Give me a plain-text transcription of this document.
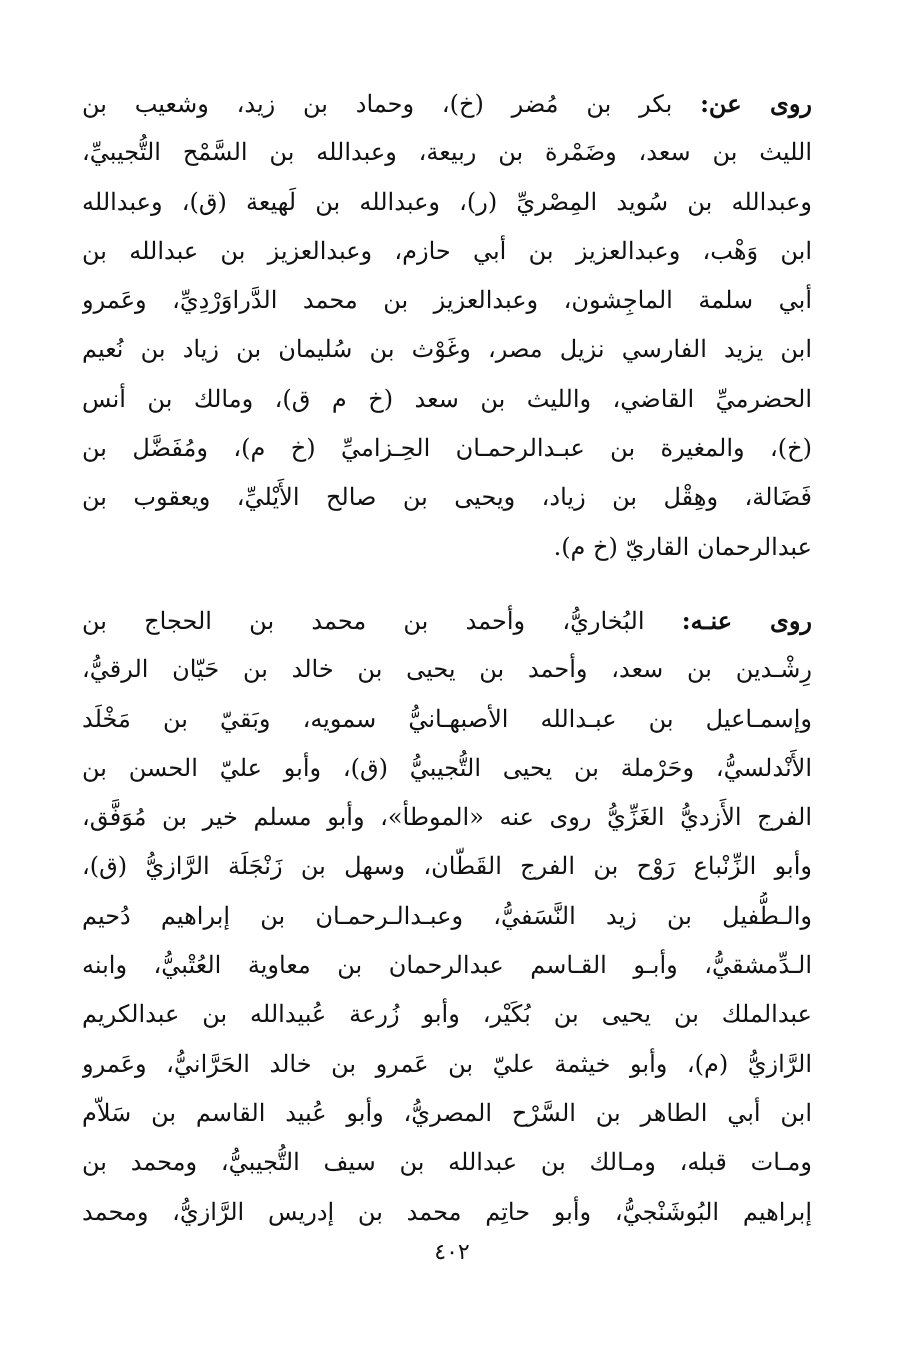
روى عن: بكر بن مُضر (خ)، وحماد بن زيد، وشعيب بن
الليث بن سعد، وضَمْرة بن ربيعة، وعبدالله بن السَّمْح التُّجيبيِّ،
وعبدالله بن سُويد المِصْريِّ (ر)، وعبدالله بن لَهيعة (ق)، وعبدالله
ابن وَهْب، وعبدالعزيز بن أبي حازم، وعبدالعزيز بن عبدالله بن
أبي سلمة الماجِشون، وعبدالعزيز بن محمد الدَّراوَرْدِيِّ، وعَمرو
ابن يزيد الفارسي نزيل مصر، وغَوْث بن سُليمان بن زياد بن نُعيم
الحضرميِّ القاضي، والليث بن سعد (خ م ق)، ومالك بن أنس
(خ)، والمغيرة بن عبـدالرحمـان الحِـزاميِّ (خ م)، ومُفَضَّل بن
فَضَالة، وهِقْل بن زياد، ويحيى بن صالح الأَيْليِّ، ويعقوب بن
عبدالرحمان القاريّ (خ م).
روى عنـه: البُخاريُّ، وأحمد بن محمد بن الحجاج بن
رِشْـدين بن سعد، وأحمد بن يحيى بن خالد بن حَيّان الرقيُّ،
وإسمـاعيل بن عبـدالله الأصبهـانيُّ سمويه، وبَقيّ بن مَخْلَد
الأَنْدلسيُّ، وحَرْملة بن يحيى التُّجيبيُّ (ق)، وأبو عليّ الحسن بن
الفرج الأَزديُّ الغَزِّيُّ روى عنه «الموطأ»، وأبو مسلم خير بن مُوَفَّق،
وأبو الزِّنْباع رَوْح بن الفرج القَطّان، وسهل بن زَنْجَلَة الرَّازيُّ (ق)،
والـطُّفيل بن زيد النَّسَفيُّ، وعبـدالـرحمـان بن إبراهيم دُحيم
الـدِّمشقيُّ، وأبـو القـاسم عبدالرحمان بن معاوية العُتْبيُّ، وابنه
عبدالملك بن يحيى بن بُكَيْر، وأبو زُرعة عُبيدالله بن عبدالكريم
الرَّازيُّ (م)، وأبو خيثمة عليّ بن عَمرو بن خالد الحَرَّانيُّ، وعَمرو
ابن أبي الطاهر بن السَّرْح المصريُّ، وأبو عُبيد القاسم بن سَلاّم
ومـات قبله، ومـالك بن عبدالله بن سيف التُّجيبيُّ، ومحمد بن
إبراهيم البُوشَنْجيُّ، وأبو حاتِم محمد بن إدريس الرَّازيُّ، ومحمد
٤٠٢
